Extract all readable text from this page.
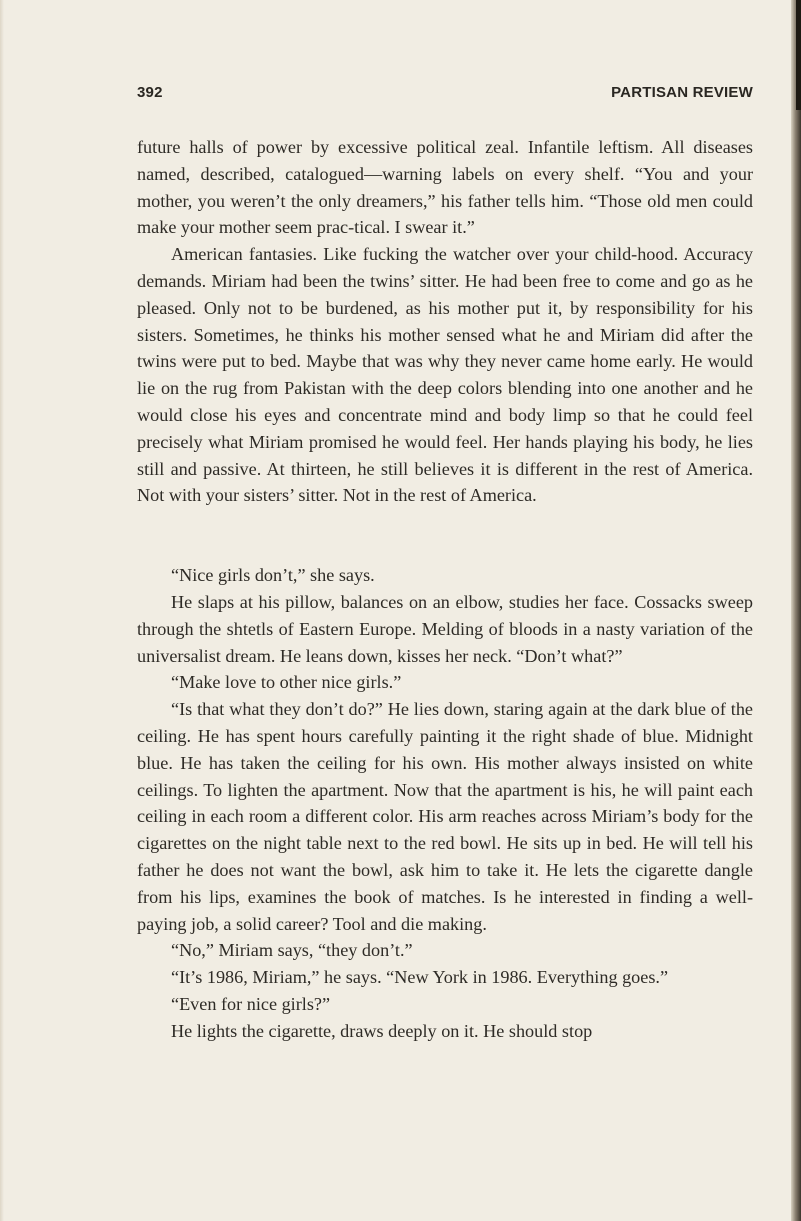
392	PARTISAN REVIEW

future halls of power by excessive political zeal. Infantile leftism. All diseases named, described, catalogued—warning labels on every shelf. “You and your mother, you weren’t the only dreamers,” his father tells him. “Those old men could make your mother seem prac-tical. I swear it.”

American fantasies. Like fucking the watcher over your child-hood. Accuracy demands. Miriam had been the twins’ sitter. He had been free to come and go as he pleased. Only not to be burdened, as his mother put it, by responsibility for his sisters. Sometimes, he thinks his mother sensed what he and Miriam did after the twins were put to bed. Maybe that was why they never came home early. He would lie on the rug from Pakistan with the deep colors blending into one another and he would close his eyes and concentrate mind and body limp so that he could feel precisely what Miriam promised he would feel. Her hands playing his body, he lies still and passive. At thirteen, he still believes it is different in the rest of America. Not with your sisters’ sitter. Not in the rest of America.

“Nice girls don’t,” she says.

He slaps at his pillow, balances on an elbow, studies her face. Cossacks sweep through the shtetls of Eastern Europe. Melding of bloods in a nasty variation of the universalist dream. He leans down, kisses her neck. “Don’t what?”

“Make love to other nice girls.”

“Is that what they don’t do?” He lies down, staring again at the dark blue of the ceiling. He has spent hours carefully painting it the right shade of blue. Midnight blue. He has taken the ceiling for his own. His mother always insisted on white ceilings. To lighten the apartment. Now that the apartment is his, he will paint each ceiling in each room a different color. His arm reaches across Miriam’s body for the cigarettes on the night table next to the red bowl. He sits up in bed. He will tell his father he does not want the bowl, ask him to take it. He lets the cigarette dangle from his lips, examines the book of matches. Is he interested in finding a well-paying job, a solid career? Tool and die making.

“No,” Miriam says, “they don’t.”

“It’s 1986, Miriam,” he says. “New York in 1986. Everything goes.”

“Even for nice girls?”

He lights the cigarette, draws deeply on it. He should stop
